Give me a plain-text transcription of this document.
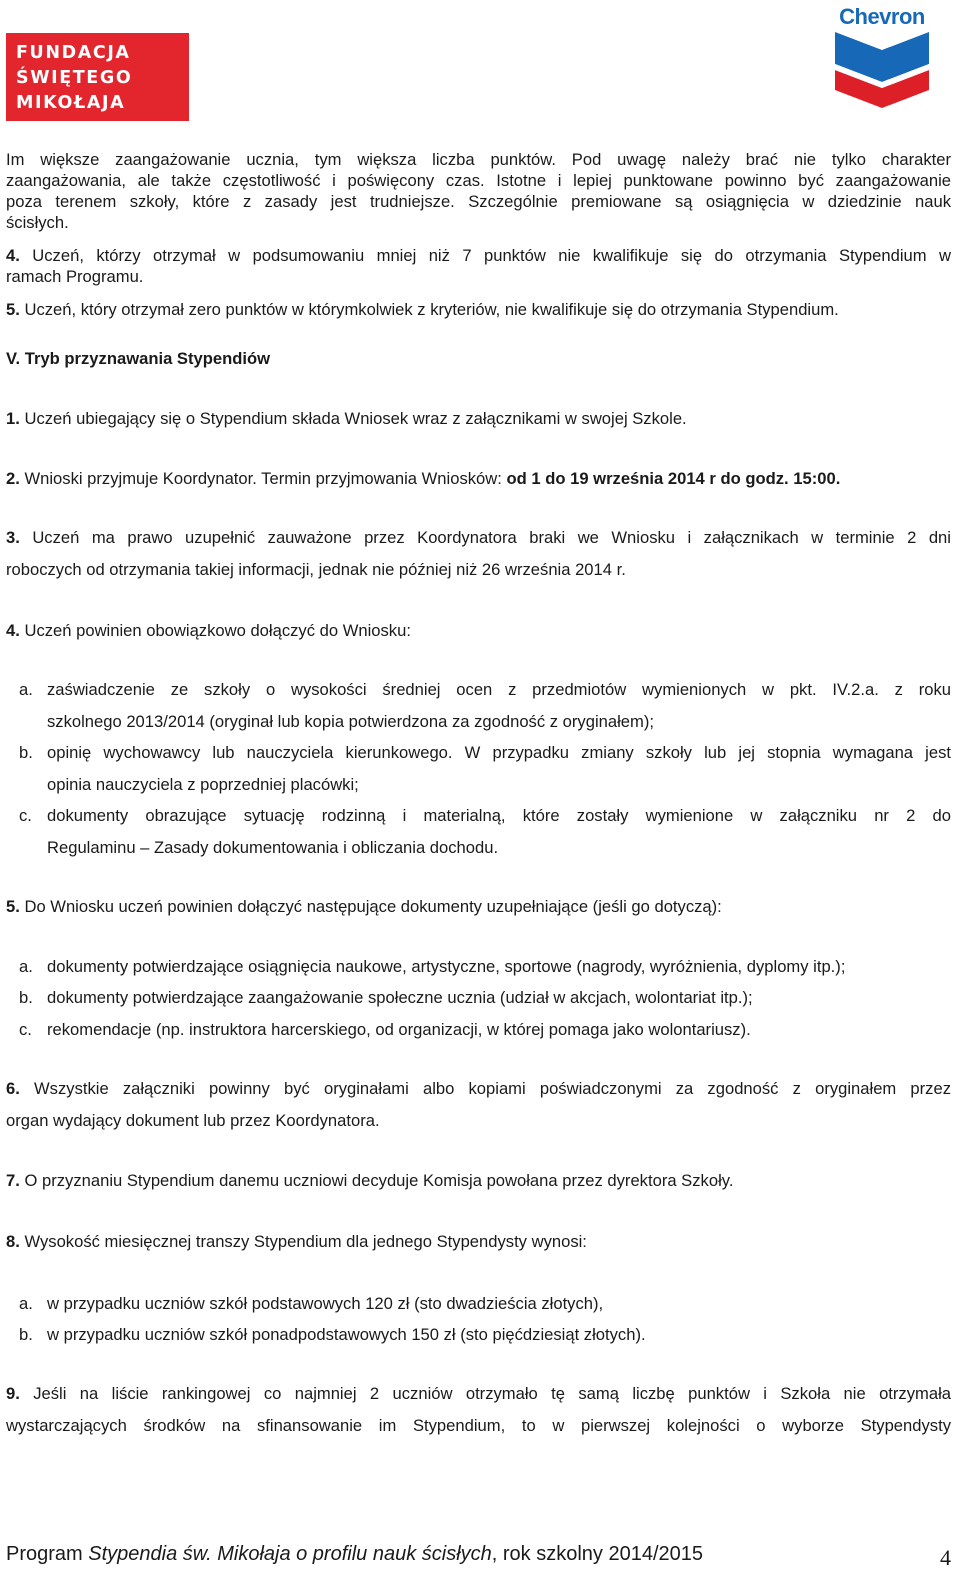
FUNDACJA
ŚWIĘTEGO
MIKOŁAJA
Chevron
Im większe zaangażowanie ucznia, tym większa liczba punktów. Pod uwagę należy brać nie tylko charakter
zaangażowania, ale także częstotliwość i poświęcony czas. Istotne i lepiej punktowane powinno być zaangażowanie
poza terenem szkoły, które z zasady jest trudniejsze. Szczególnie premiowane są osiągnięcia w dziedzinie nauk
ścisłych.
4. Uczeń, którzy otrzymał w podsumowaniu mniej niż 7 punktów nie kwalifikuje się do otrzymania Stypendium w
ramach Programu.
5. Uczeń, który otrzymał zero punktów w którymkolwiek z kryteriów, nie kwalifikuje się do otrzymania Stypendium.
V. Tryb przyznawania Stypendiów
1. Uczeń ubiegający się o Stypendium składa Wniosek wraz z załącznikami w swojej Szkole.
2. Wnioski przyjmuje Koordynator. Termin przyjmowania Wniosków: od 1 do 19 września 2014 r do godz. 15:00.
3. Uczeń ma prawo uzupełnić zauważone przez Koordynatora braki we Wniosku i załącznikach w terminie 2 dni
roboczych od otrzymania takiej informacji, jednak nie później niż 26 września 2014 r.
4. Uczeń powinien obowiązkowo dołączyć do Wniosku:
a. zaświadczenie ze szkoły o wysokości średniej ocen z przedmiotów wymienionych w pkt. IV.2.a. z roku
szkolnego 2013/2014 (oryginał lub kopia potwierdzona za zgodność z oryginałem);
b. opinię wychowawcy lub nauczyciela kierunkowego. W przypadku zmiany szkoły lub jej stopnia wymagana jest
opinia nauczyciela z poprzedniej placówki;
c. dokumenty obrazujące sytuację rodzinną i materialną, które zostały wymienione w załączniku nr 2 do
Regulaminu – Zasady dokumentowania i obliczania dochodu.
5. Do Wniosku uczeń powinien dołączyć następujące dokumenty uzupełniające (jeśli go dotyczą):
a. dokumenty potwierdzające osiągnięcia naukowe, artystyczne, sportowe (nagrody, wyróżnienia, dyplomy itp.);
b. dokumenty potwierdzające zaangażowanie społeczne ucznia (udział w akcjach, wolontariat itp.);
c. rekomendacje (np. instruktora harcerskiego, od organizacji, w której pomaga jako wolontariusz).
6. Wszystkie załączniki powinny być oryginałami albo kopiami poświadczonymi za zgodność z oryginałem przez
organ wydający dokument lub przez Koordynatora.
7. O przyznaniu Stypendium danemu uczniowi decyduje Komisja powołana przez dyrektora Szkoły.
8. Wysokość miesięcznej transzy Stypendium dla jednego Stypendysty wynosi:
a. w przypadku uczniów szkół podstawowych 120 zł (sto dwadzieścia złotych),
b. w przypadku uczniów szkół ponadpodstawowych 150 zł (sto pięćdziesiąt złotych).
9. Jeśli na liście rankingowej co najmniej 2 uczniów otrzymało tę samą liczbę punktów i Szkoła nie otrzymała
wystarczających środków na sfinansowanie im Stypendium, to w pierwszej kolejności o wyborze Stypendysty
Program Stypendia św. Mikołaja o profilu nauk ścisłych, rok szkolny 2014/2015	4
